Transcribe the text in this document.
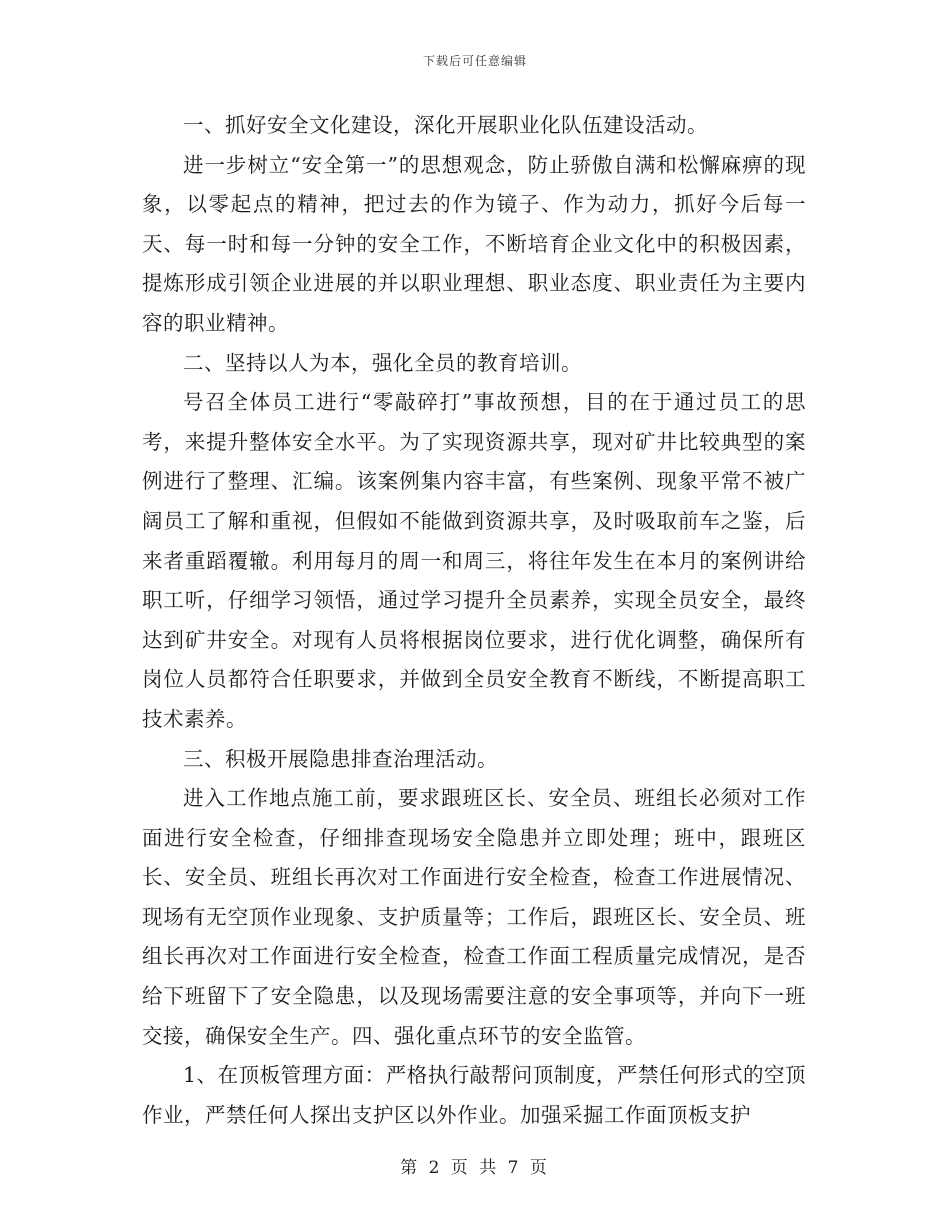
下载后可任意编辑

一、抓好安全文化建设，深化开展职业化队伍建设活动。

进一步树立“安全第一”的思想观念，防止骄傲自满和松懈麻痹的现象，以零起点的精神，把过去的作为镜子、作为动力，抓好今后每一天、每一时和每一分钟的安全工作，不断培育企业文化中的积极因素，提炼形成引领企业进展的并以职业理想、职业态度、职业责任为主要内容的职业精神。

二、坚持以人为本，强化全员的教育培训。

号召全体员工进行“零敲碎打”事故预想，目的在于通过员工的思考，来提升整体安全水平。为了实现资源共享，现对矿井比较典型的案例进行了整理、汇编。该案例集内容丰富，有些案例、现象平常不被广阔员工了解和重视，但假如不能做到资源共享，及时吸取前车之鉴，后来者重蹈覆辙。利用每月的周一和周三，将往年发生在本月的案例讲给职工听，仔细学习领悟，通过学习提升全员素养，实现全员安全，最终达到矿井安全。对现有人员将根据岗位要求，进行优化调整，确保所有岗位人员都符合任职要求，并做到全员安全教育不断线，不断提高职工技术素养。

三、积极开展隐患排查治理活动。

进入工作地点施工前，要求跟班区长、安全员、班组长必须对工作面进行安全检查，仔细排查现场安全隐患并立即处理；班中，跟班区长、安全员、班组长再次对工作面进行安全检查，检查工作进展情况、现场有无空顶作业现象、支护质量等；工作后，跟班区长、安全员、班组长再次对工作面进行安全检查，检查工作面工程质量完成情况，是否给下班留下了安全隐患，以及现场需要注意的安全事项等，并向下一班交接，确保安全生产。四、强化重点环节的安全监管。

1、在顶板管理方面：严格执行敲帮问顶制度，严禁任何形式的空顶作业，严禁任何人探出支护区以外作业。加强采掘工作面顶板支护

第 2 页 共 7 页
